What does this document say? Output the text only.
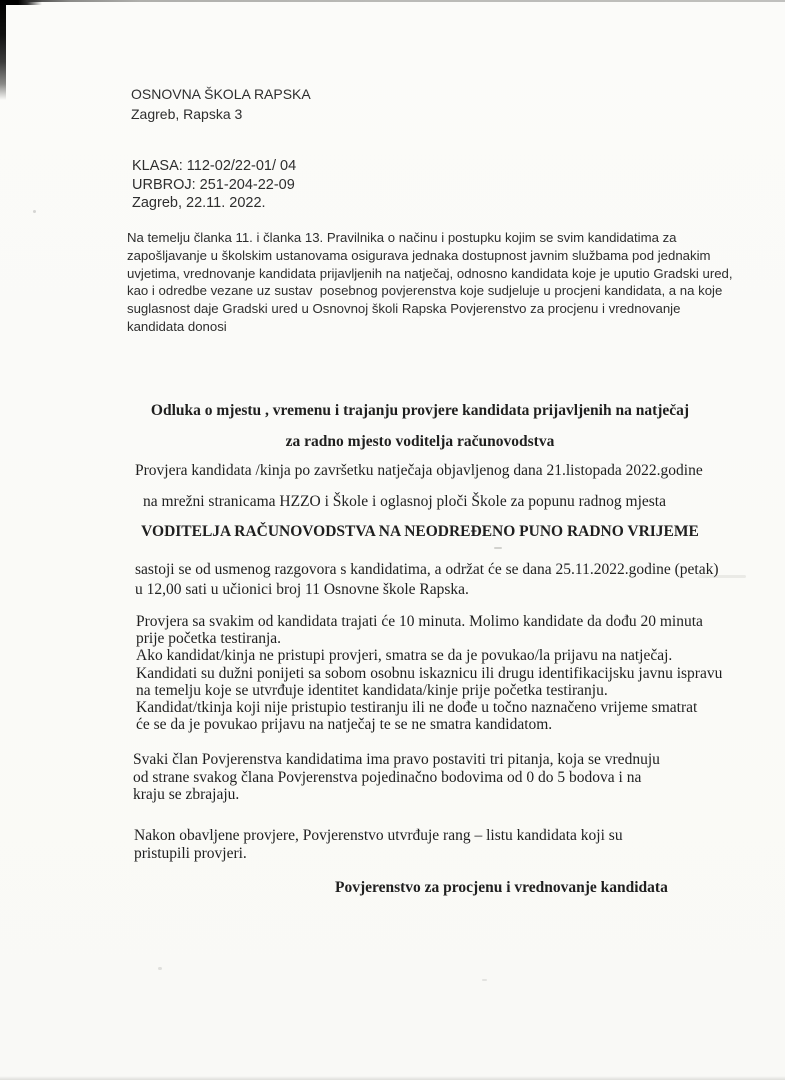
OSNOVNA ŠKOLA RAPSKA
Zagreb, Rapska 3
KLASA: 112-02/22-01/ 04
URBROJ: 251-204-22-09
Zagreb, 22.11. 2022.
Na temelju članka 11. i članka 13. Pravilnika o načinu i postupku kojim se svim kandidatima za
zapošljavanje u školskim ustanovama osigurava jednaka dostupnost javnim službama pod jednakim
uvjetima, vrednovanje kandidata prijavljenih na natječaj, odnosno kandidata koje je uputio Gradski ured,
kao i odredbe vezane uz sustav  posebnog povjerenstva koje sudjeluje u procjeni kandidata, a na koje
suglasnost daje Gradski ured u Osnovnoj školi Rapska Povjerenstvo za procjenu i vrednovanje
kandidata donosi
Odluka o mjestu , vremenu i trajanju provjere kandidata prijavljenih na natječaj
za radno mjesto voditelja računovodstva
Provjera kandidata /kinja po završetku natječaja objavljenog dana 21.listopada 2022.godine
na mrežni stranicama HZZO i Škole i oglasnoj ploči Škole za popunu radnog mjesta
VODITELJA RAČUNOVODSTVA NA NEODREĐENO PUNO RADNO VRIJEME
sastoji se od usmenog razgovora s kandidatima, a održat će se dana 25.11.2022.godine (petak)
u 12,00 sati u učionici broj 11 Osnovne škole Rapska.
Provjera sa svakim od kandidata trajati će 10 minuta. Molimo kandidate da dođu 20 minuta
prije početka testiranja.
Ako kandidat/kinja ne pristupi provjeri, smatra se da je povukao/la prijavu na natječaj.
Kandidati su dužni ponijeti sa sobom osobnu iskaznicu ili drugu identifikacijsku javnu ispravu
na temelju koje se utvrđuje identitet kandidata/kinje prije početka testiranju.
Kandidat/tkinja koji nije pristupio testiranju ili ne dođe u točno naznačeno vrijeme smatrat
će se da je povukao prijavu na natječaj te se ne smatra kandidatom.
Svaki član Povjerenstva kandidatima ima pravo postaviti tri pitanja, koja se vrednuju
od strane svakog člana Povjerenstva pojedinačno bodovima od 0 do 5 bodova i na
kraju se zbrajaju.
Nakon obavljene provjere, Povjerenstvo utvrđuje rang – listu kandidata koji su
pristupili provjeri.
Povjerenstvo za procjenu i vrednovanje kandidata
